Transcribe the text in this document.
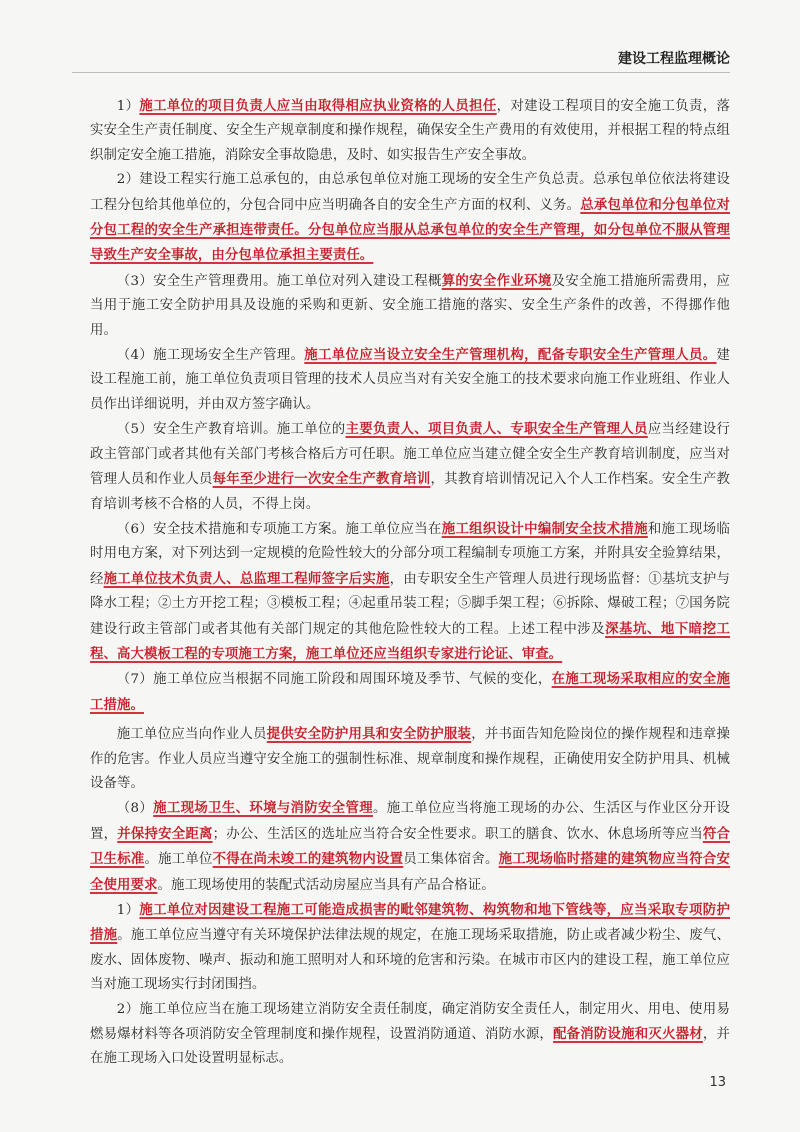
建设工程监理概论

1）施工单位的项目负责人应当由取得相应执业资格的人员担任，对建设工程项目的安全施工负责，落实安全生产责任制度、安全生产规章制度和操作规程，确保安全生产费用的有效使用，并根据工程的特点组织制定安全施工措施，消除安全事故隐患，及时、如实报告生产安全事故。

2）建设工程实行施工总承包的，由总承包单位对施工现场的安全生产负总责。总承包单位依法将建设工程分包给其他单位的，分包合同中应当明确各自的安全生产方面的权利、义务。总承包单位和分包单位对分包工程的安全生产承担连带责任。分包单位应当服从总承包单位的安全生产管理，如分包单位不服从管理导致生产安全事故，由分包单位承担主要责任。

（3）安全生产管理费用。施工单位对列入建设工程概算的安全作业环境及安全施工措施所需费用，应当用于施工安全防护用具及设施的采购和更新、安全施工措施的落实、安全生产条件的改善，不得挪作他用。

（4）施工现场安全生产管理。施工单位应当设立安全生产管理机构，配备专职安全生产管理人员。建设工程施工前，施工单位负责项目管理的技术人员应当对有关安全施工的技术要求向施工作业班组、作业人员作出详细说明，并由双方签字确认。

（5）安全生产教育培训。施工单位的主要负责人、项目负责人、专职安全生产管理人员应当经建设行政主管部门或者其他有关部门考核合格后方可任职。施工单位应当建立健全安全生产教育培训制度，应当对管理人员和作业人员每年至少进行一次安全生产教育培训，其教育培训情况记入个人工作档案。安全生产教育培训考核不合格的人员，不得上岗。

（6）安全技术措施和专项施工方案。施工单位应当在施工组织设计中编制安全技术措施和施工现场临时用电方案，对下列达到一定规模的危险性较大的分部分项工程编制专项施工方案，并附具安全验算结果，经施工单位技术负责人、总监理工程师签字后实施，由专职安全生产管理人员进行现场监督：①基坑支护与降水工程；②土方开挖工程；③模板工程；④起重吊装工程；⑤脚手架工程；⑥拆除、爆破工程；⑦国务院建设行政主管部门或者其他有关部门规定的其他危险性较大的工程。上述工程中涉及深基坑、地下暗挖工程、高大模板工程的专项施工方案，施工单位还应当组织专家进行论证、审查。

（7）施工单位应当根据不同施工阶段和周围环境及季节、气候的变化，在施工现场采取相应的安全施工措施。

施工单位应当向作业人员提供安全防护用具和安全防护服装，并书面告知危险岗位的操作规程和违章操作的危害。作业人员应当遵守安全施工的强制性标准、规章制度和操作规程，正确使用安全防护用具、机械设备等。

（8）施工现场卫生、环境与消防安全管理。施工单位应当将施工现场的办公、生活区与作业区分开设置，并保持安全距离；办公、生活区的选址应当符合安全性要求。职工的膳食、饮水、休息场所等应当符合卫生标准。施工单位不得在尚未竣工的建筑物内设置员工集体宿舍。施工现场临时搭建的建筑物应当符合安全使用要求。施工现场使用的装配式活动房屋应当具有产品合格证。

1）施工单位对因建设工程施工可能造成损害的毗邻建筑物、构筑物和地下管线等，应当采取专项防护措施。施工单位应当遵守有关环境保护法律法规的规定，在施工现场采取措施，防止或者减少粉尘、废气、废水、固体废物、噪声、振动和施工照明对人和环境的危害和污染。在城市市区内的建设工程，施工单位应当对施工现场实行封闭围挡。

2）施工单位应当在施工现场建立消防安全责任制度，确定消防安全责任人，制定用火、用电、使用易燃易爆材料等各项消防安全管理制度和操作规程，设置消防通道、消防水源，配备消防设施和灭火器材，并在施工现场入口处设置明显标志。

13
